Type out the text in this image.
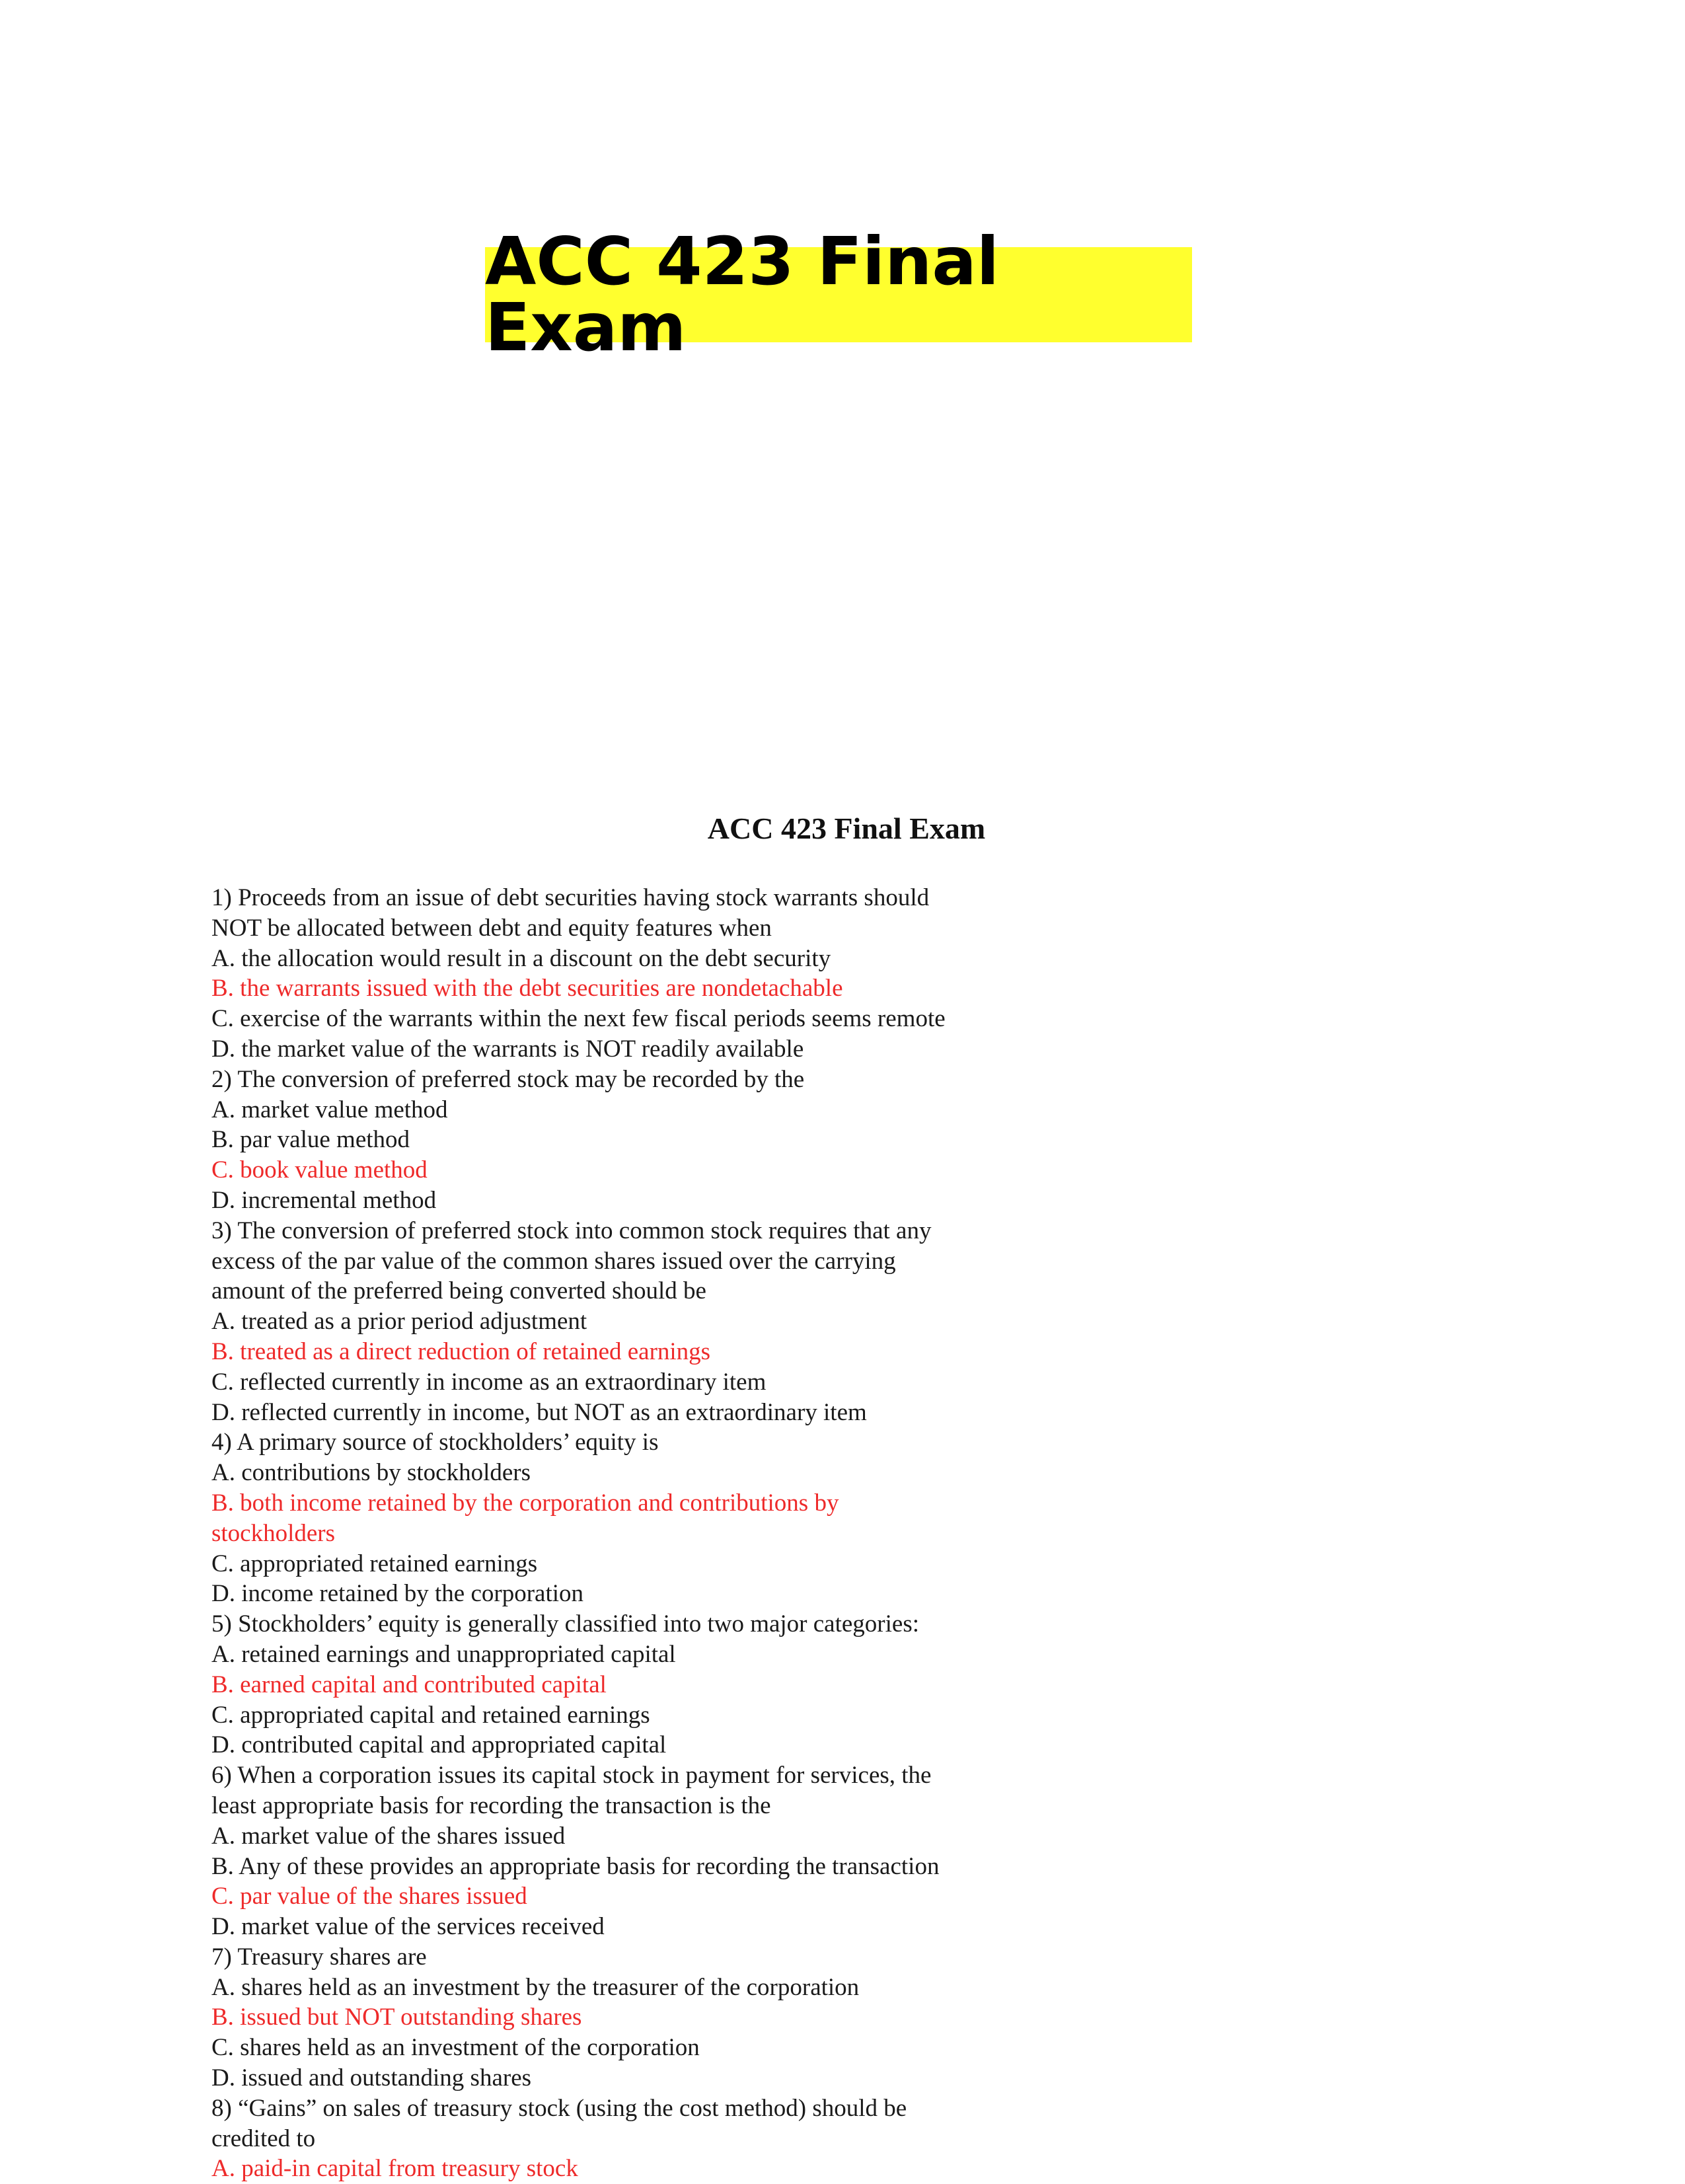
ACC 423 Final Exam
ACC 423 Final Exam

1) Proceeds from an issue of debt securities having stock warrants should

NOT be allocated between debt and equity features when

A. the allocation would result in a discount on the debt security

B. the warrants issued with the debt securities are nondetachable

C. exercise of the warrants within the next few fiscal periods seems remote

D. the market value of the warrants is NOT readily available

2) The conversion of preferred stock may be recorded by the

A. market value method

B. par value method

C. book value method

D. incremental method

3) The conversion of preferred stock into common stock requires that any

excess of the par value of the common shares issued over the carrying

amount of the preferred being converted should be

A. treated as a prior period adjustment

B. treated as a direct reduction of retained earnings

C. reflected currently in income as an extraordinary item

D. reflected currently in income, but NOT as an extraordinary item

4) A primary source of stockholders’ equity is

A. contributions by stockholders

B. both income retained by the corporation and contributions by

stockholders

C. appropriated retained earnings

D. income retained by the corporation

5) Stockholders’ equity is generally classified into two major categories:

A. retained earnings and unappropriated capital

B. earned capital and contributed capital

C. appropriated capital and retained earnings

D. contributed capital and appropriated capital

6) When a corporation issues its capital stock in payment for services, the

least appropriate basis for recording the transaction is the

A. market value of the shares issued

B. Any of these provides an appropriate basis for recording the transaction

C. par value of the shares issued

D. market value of the services received

7) Treasury shares are

A. shares held as an investment by the treasurer of the corporation

B. issued but NOT outstanding shares

C. shares held as an investment of the corporation

D. issued and outstanding shares

8) “Gains” on sales of treasury stock (using the cost method) should be

credited to

A. paid-in capital from treasury stock
